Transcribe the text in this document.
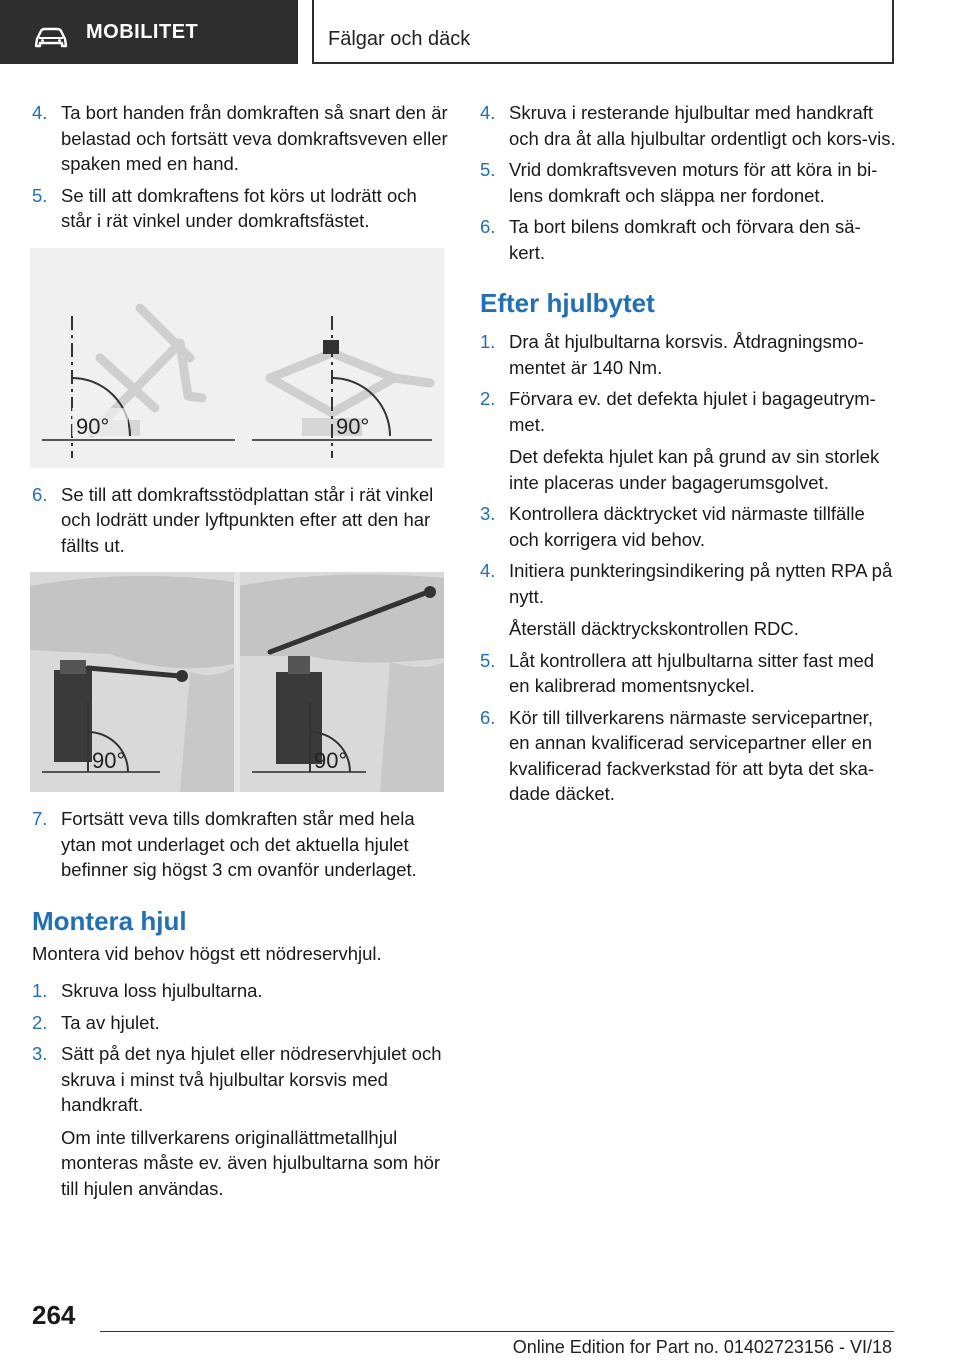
MOBILITET	Fälgar och däck
4. Ta bort handen från domkraften så snart den är belastad och fortsätt veva domkraftsveven eller spaken med en hand.

5. Se till att domkraftens fot körs ut lodrätt och står i rät vinkel under domkraftsfästet.

90°	90°
6. Se till att domkraftsstödplattan står i rät vinkel och lodrätt under lyftpunkten efter att den har fällts ut.

90°	90°
7. Fortsätt veva tills domkraften står med hela ytan mot underlaget och det aktuella hjulet befinner sig högst 3 cm ovanför underlaget.

Montera hjul

Montera vid behov högst ett nödreservhjul.

1. Skruva loss hjulbultarna.

2. Ta av hjulet.

3. Sätt på det nya hjulet eller nödreservhjulet och skruva i minst två hjulbultar korsvis med handkraft.

Om inte tillverkarens originallättmetallhjul monteras måste ev. även hjulbultarna som hör till hjulen användas.

4. Skruva i resterande hjulbultar med handkraft och dra åt alla hjulbultar ordentligt och kors-vis.

5. Vrid domkraftsveven moturs för att köra in bi-lens domkraft och släppa ner fordonet.

6. Ta bort bilens domkraft och förvara den sä-kert.

Efter hjulbytet
1. Dra åt hjulbultarna korsvis. Åtdragningsmo-mentet är 140 Nm.

2. Förvara ev. det defekta hjulet i bagageutrym-met.

Det defekta hjulet kan på grund av sin storlek inte placeras under bagagerumsgolvet.

3. Kontrollera däcktrycket vid närmaste tillfälle och korrigera vid behov.

4. Initiera punkteringsindikering på nytten RPA på nytt.

Återställ däcktryckskontrollen RDC.

5. Låt kontrollera att hjulbultarna sitter fast med en kalibrerad momentsnyckel.

6. Kör till tillverkarens närmaste servicepartner, en annan kvalificerad servicepartner eller en kvalificerad fackverkstad för att byta det ska-dade däcket.

264
Online Edition for Part no. 01402723156 - VI/18
